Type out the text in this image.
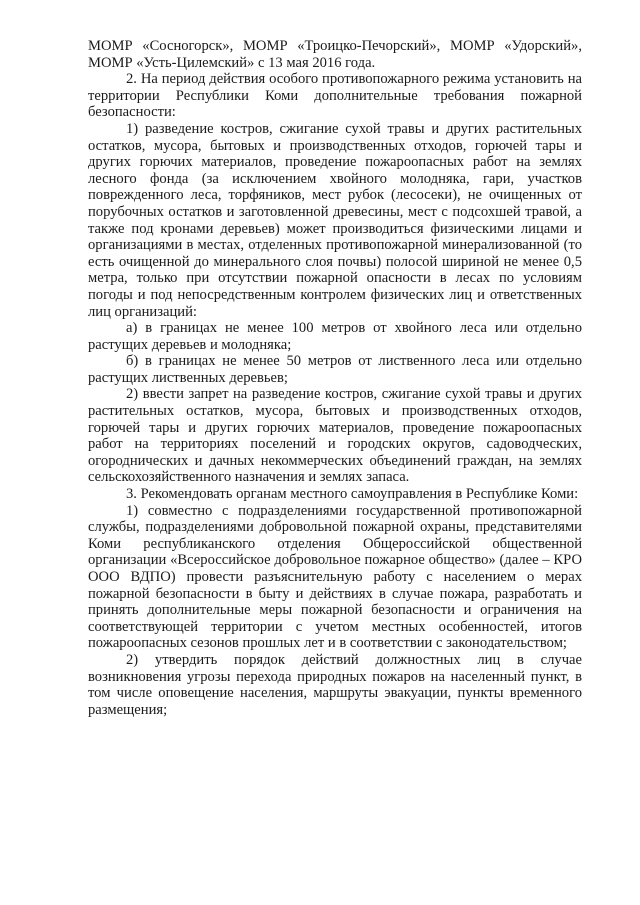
МОМР «Сосногорск», МОМР «Троицко-Печорский», МОМР «Удорский», МОМР «Усть-Цилемский» с 13 мая 2016 года.

2. На период действия особого противопожарного режима установить на территории Республики Коми дополнительные требования пожарной безопасности:

1) разведение костров, сжигание сухой травы и других растительных остатков, мусора, бытовых и производственных отходов, горючей тары и других горючих материалов, проведение пожароопасных работ на землях лесного фонда (за исключением хвойного молодняка, гари, участков поврежденного леса, торфяников, мест рубок (лесосеки), не очищенных от порубочных остатков и заготовленной древесины, мест с подсохшей травой, а также под кронами деревьев) может производиться физическими лицами и организациями в местах, отделенных противопожарной минерализованной (то есть очищенной до минерального слоя почвы) полосой шириной не менее 0,5 метра, только при отсутствии пожарной опасности в лесах по условиям погоды и под непосредственным контролем физических лиц и ответственных лиц организаций:

а) в границах не менее 100 метров от хвойного леса или отдельно растущих деревьев и молодняка;

б) в границах не менее 50 метров от лиственного леса или отдельно растущих лиственных деревьев;

2) ввести запрет на разведение костров, сжигание сухой травы и других растительных остатков, мусора, бытовых и производственных отходов, горючей тары и других горючих материалов, проведение пожароопасных работ на территориях поселений и городских округов, садоводческих, огороднических и дачных некоммерческих объединений граждан, на землях сельскохозяйственного назначения и землях запаса.

3. Рекомендовать органам местного самоуправления в Республике Коми:

1) совместно с подразделениями государственной противопожарной службы, подразделениями добровольной пожарной охраны, представителями Коми республиканского отделения Общероссийской общественной организации «Всероссийское добровольное пожарное общество» (далее – КРО ООО ВДПО) провести разъяснительную работу с населением о мерах пожарной безопасности в быту и действиях в случае пожара, разработать и принять дополнительные меры пожарной безопасности и ограничения на соответствующей территории с учетом местных особенностей, итогов пожароопасных сезонов прошлых лет и в соответствии с законодательством;

2) утвердить порядок действий должностных лиц в случае возникновения угрозы перехода природных пожаров на населенный пункт, в том числе оповещение населения, маршруты эвакуации, пункты временного размещения;
